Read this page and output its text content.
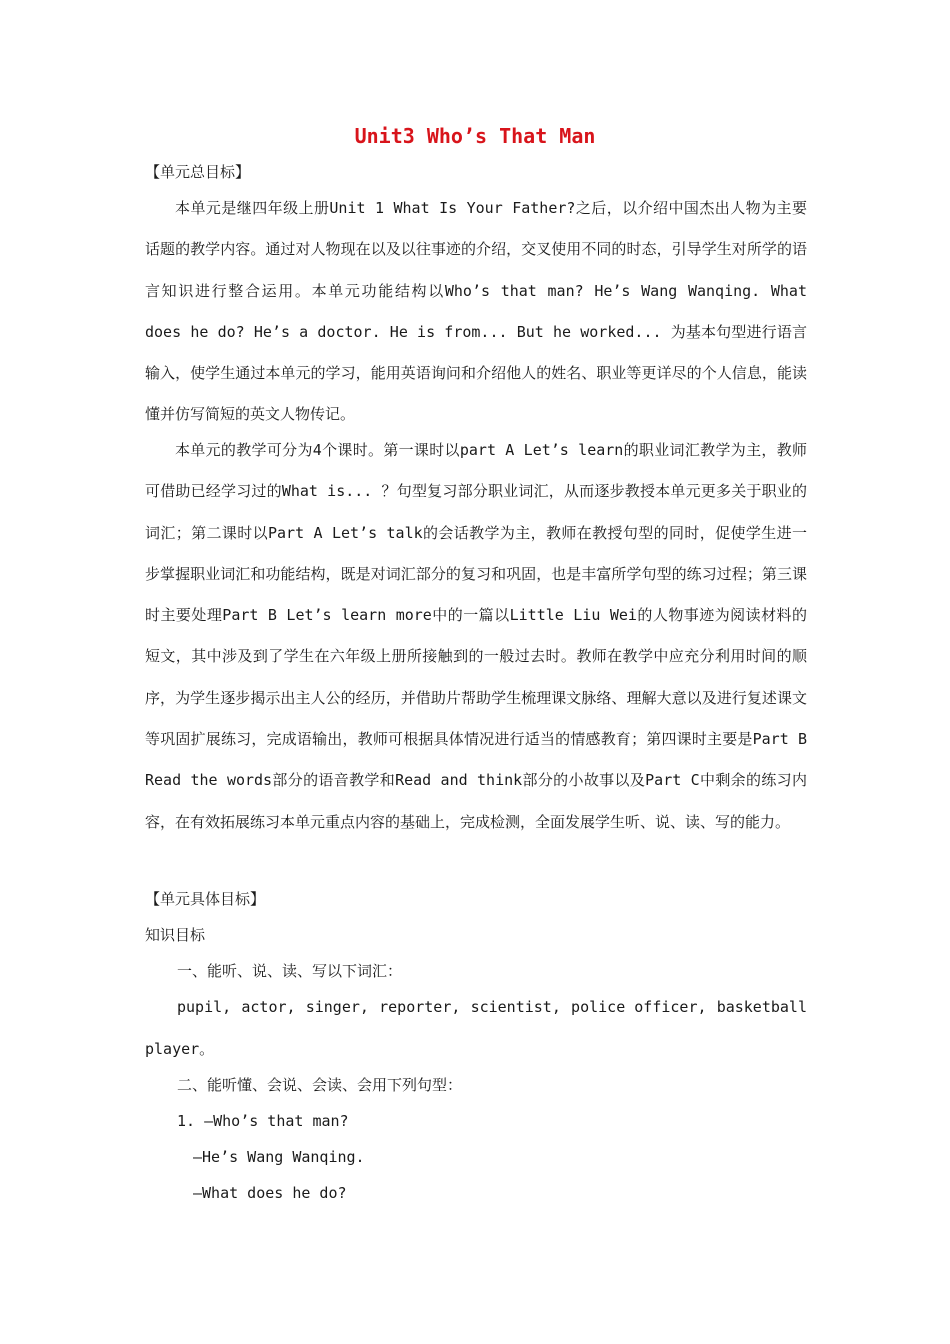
Unit3 Who’s That Man
【单元总目标】
本单元是继四年级上册Unit 1 What Is Your Father?之后，以介绍中国杰出人物为主要话题的教学内容。通过对人物现在以及以往事迹的介绍，交叉使用不同的时态，引导学生对所学的语言知识进行整合运用。本单元功能结构以Who’s that man? He’s Wang Wanqing. What does he do? He’s a doctor. He is from... But he worked... 为基本句型进行语言输入，使学生通过本单元的学习，能用英语询问和介绍他人的姓名、职业等更详尽的个人信息，能读懂并仿写简短的英文人物传记。
本单元的教学可分为4个课时。第一课时以part A Let’s learn的职业词汇教学为主，教师可借助已经学习过的What is... ？句型复习部分职业词汇，从而逐步教授本单元更多关于职业的词汇；第二课时以Part A Let’s talk的会话教学为主，教师在教授句型的同时，促使学生进一步掌握职业词汇和功能结构，既是对词汇部分的复习和巩固，也是丰富所学句型的练习过程；第三课时主要处理Part B Let’s learn more中的一篇以Little Liu Wei的人物事迹为阅读材料的短文，其中涉及到了学生在六年级上册所接触到的一般过去时。教师在教学中应充分利用时间的顺序，为学生逐步揭示出主人公的经历，并借助片帮助学生梳理课文脉络、理解大意以及进行复述课文等巩固扩展练习，完成语输出，教师可根据具体情况进行适当的情感教育；第四课时主要是Part B Read the words部分的语音教学和Read and think部分的小故事以及Part C中剩余的练习内容，在有效拓展练习本单元重点内容的基础上，完成检测，全面发展学生听、说、读、写的能力。
【单元具体目标】
知识目标
一、能听、说、读、写以下词汇：
pupil, actor, singer, reporter, scientist, police officer, basketball
player。
二、能听懂、会说、会读、会用下列句型：
1. —Who’s that man?
—He’s Wang Wanqing.
—What does he do?
